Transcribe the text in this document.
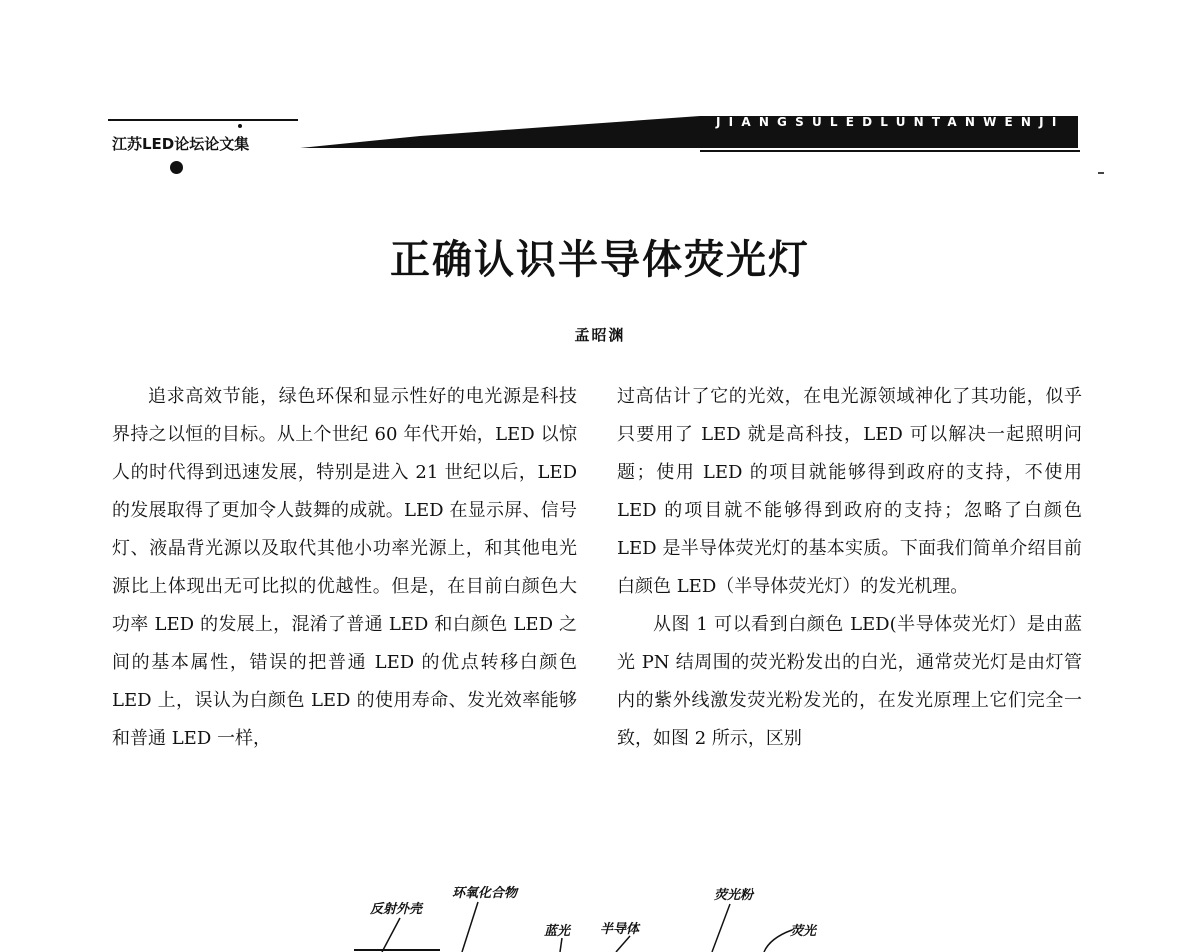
江苏LED论坛论文集
JIANGSULEDLUNTANWENJI
正确认识半导体荧光灯
孟昭渊

追求高效节能，绿色环保和显示性好的电光源是科技界持之以恒的目标。从上个世纪 60 年代开始，LED 以惊人的时代得到迅速发展，特别是进入 21 世纪以后，LED 的发展取得了更加令人鼓舞的成就。LED 在显示屏、信号灯、液晶背光源以及取代其他小功率光源上，和其他电光源比上体现出无可比拟的优越性。但是，在目前白颜色大功率 LED 的发展上，混淆了普通 LED 和白颜色 LED 之间的基本属性，错误的把普通 LED 的优点转移白颜色 LED 上，误认为白颜色 LED 的使用寿命、发光效率能够和普通 LED 一样，

过高估计了它的光效，在电光源领域神化了其功能，似乎只要用了 LED 就是高科技，LED 可以解决一起照明问题；使用 LED 的项目就能够得到政府的支持，不使用 LED 的项目就不能够得到政府的支持；忽略了白颜色 LED 是半导体荧光灯的基本实质。下面我们简单介绍目前白颜色 LED（半导体荧光灯）的发光机理。

从图 1 可以看到白颜色 LED(半导体荧光灯）是由蓝光 PN 结周围的荧光粉发出的白光，通常荧光灯是由灯管内的紫外线激发荧光粉发光的，在发光原理上它们完全一致，如图 2 所示，区别

反射外壳
环氧化合物
蓝光 半导体
荧光粉
荧光
